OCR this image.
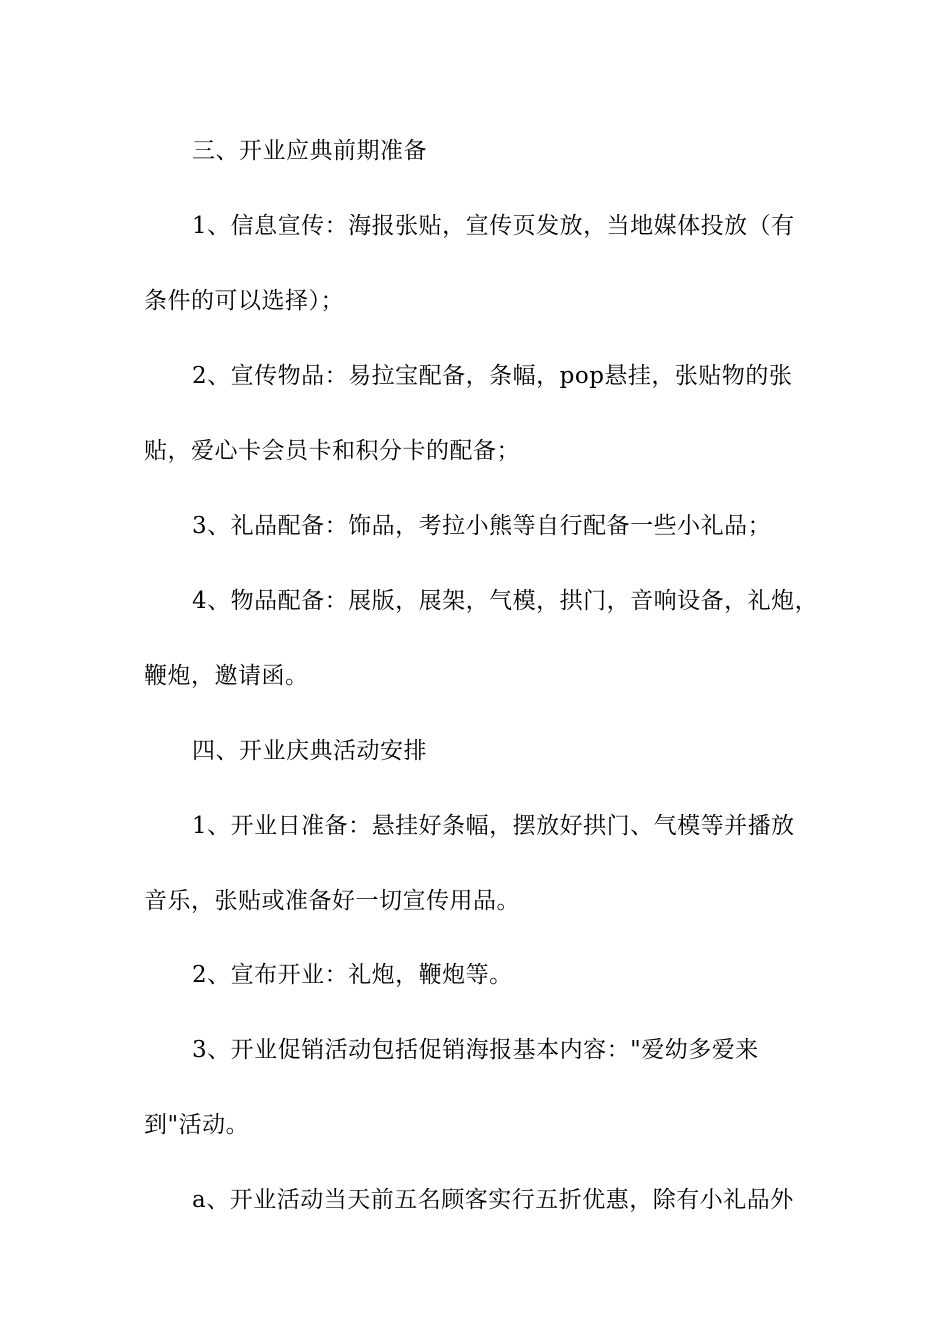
三、开业应典前期准备
1、信息宣传：海报张贴，宣传页发放，当地媒体投放（有
条件的可以选择）；
2、宣传物品：易拉宝配备，条幅，pop悬挂，张贴物的张
贴，爱心卡会员卡和积分卡的配备；
3、礼品配备：饰品，考拉小熊等自行配备一些小礼品；
4、物品配备：展版，展架，气模，拱门，音响设备，礼炮，
鞭炮，邀请函。
四、开业庆典活动安排
1、开业日准备：悬挂好条幅，摆放好拱门、气模等并播放
音乐，张贴或准备好一切宣传用品。
2、宣布开业：礼炮，鞭炮等。
3、开业促销活动包括促销海报基本内容："爱幼多爱来
到"活动。
a、开业活动当天前五名顾客实行五折优惠，除有小礼品外
